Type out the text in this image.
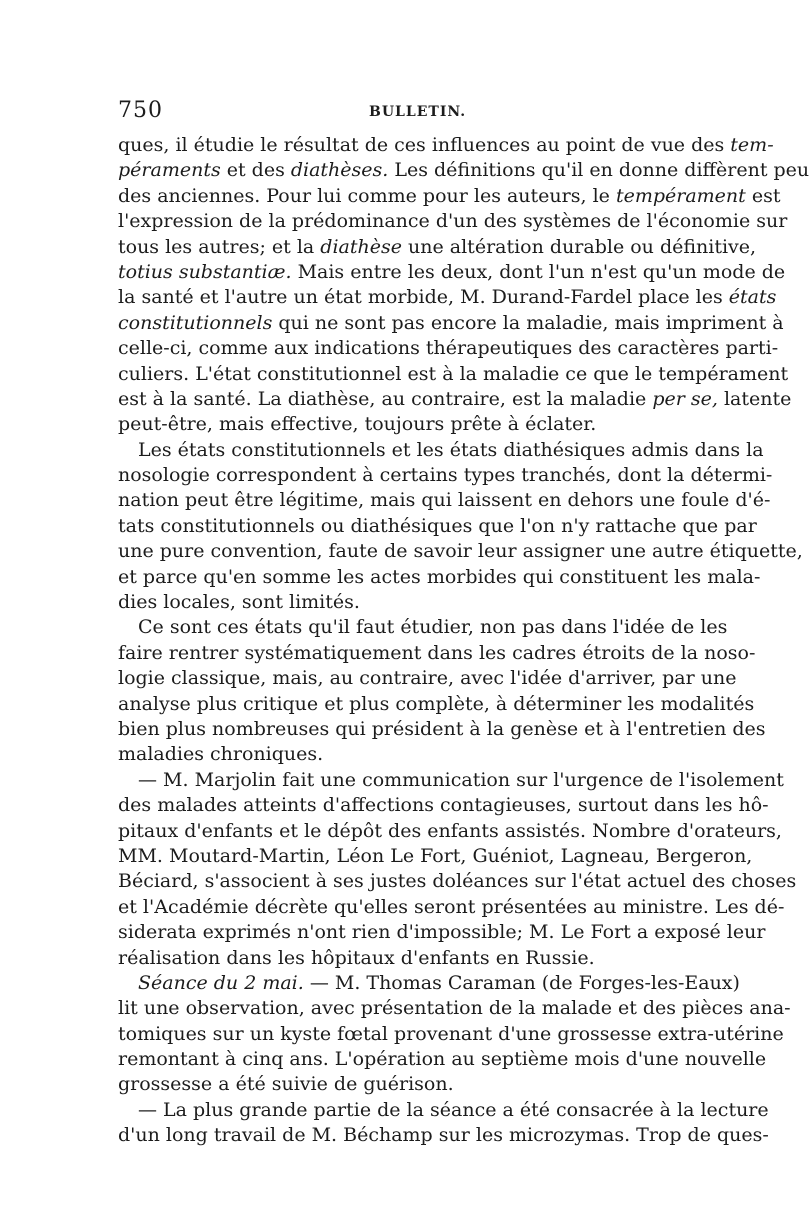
750	BULLETIN.
ques, il étudie le résultat de ces influences au point de vue des tem-
péraments et des diathèses. Les définitions qu'il en donne diffèrent peu
des anciennes. Pour lui comme pour les auteurs, le tempérament est
l'expression de la prédominance d'un des systèmes de l'économie sur
tous les autres; et la diathèse une altération durable ou définitive,
totius substantiæ. Mais entre les deux, dont l'un n'est qu'un mode de
la santé et l'autre un état morbide, M. Durand-Fardel place les états
constitutionnels qui ne sont pas encore la maladie, mais impriment à
celle-ci, comme aux indications thérapeutiques des caractères parti-
culiers. L'état constitutionnel est à la maladie ce que le tempérament
est à la santé. La diathèse, au contraire, est la maladie per se, latente
peut-être, mais effective, toujours prête à éclater.
Les états constitutionnels et les états diathésiques admis dans la
nosologie correspondent à certains types tranchés, dont la détermi-
nation peut être légitime, mais qui laissent en dehors une foule d'é-
tats constitutionnels ou diathésiques que l'on n'y rattache que par
une pure convention, faute de savoir leur assigner une autre étiquette,
et parce qu'en somme les actes morbides qui constituent les mala-
dies locales, sont limités.
Ce sont ces états qu'il faut étudier, non pas dans l'idée de les
faire rentrer systématiquement dans les cadres étroits de la noso-
logie classique, mais, au contraire, avec l'idée d'arriver, par une
analyse plus critique et plus complète, à déterminer les modalités
bien plus nombreuses qui président à la genèse et à l'entretien des
maladies chroniques.
— M. Marjolin fait une communication sur l'urgence de l'isolement
des malades atteints d'affections contagieuses, surtout dans les hô-
pitaux d'enfants et le dépôt des enfants assistés. Nombre d'orateurs,
MM. Moutard-Martin, Léon Le Fort, Guéniot, Lagneau, Bergeron,
Béciard, s'associent à ses justes doléances sur l'état actuel des choses
et l'Académie décrète qu'elles seront présentées au ministre. Les dé-
siderata exprimés n'ont rien d'impossible; M. Le Fort a exposé leur
réalisation dans les hôpitaux d'enfants en Russie.
Séance du 2 mai. — M. Thomas Caraman (de Forges-les-Eaux)
lit une observation, avec présentation de la malade et des pièces ana-
tomiques sur un kyste fœtal provenant d'une grossesse extra-utérine
remontant à cinq ans. L'opération au septième mois d'une nouvelle
grossesse a été suivie de guérison.
— La plus grande partie de la séance a été consacrée à la lecture
d'un long travail de M. Béchamp sur les microzymas. Trop de ques-
